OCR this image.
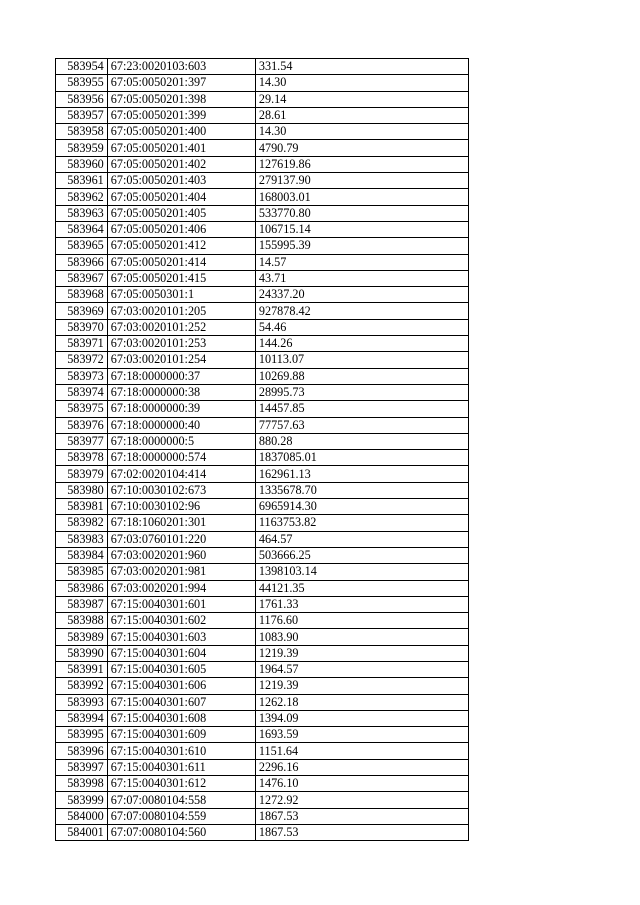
583954	67:23:0020103:603	331.54
583955	67:05:0050201:397	14.30
583956	67:05:0050201:398	29.14
583957	67:05:0050201:399	28.61
583958	67:05:0050201:400	14.30
583959	67:05:0050201:401	4790.79
583960	67:05:0050201:402	127619.86
583961	67:05:0050201:403	279137.90
583962	67:05:0050201:404	168003.01
583963	67:05:0050201:405	533770.80
583964	67:05:0050201:406	106715.14
583965	67:05:0050201:412	155995.39
583966	67:05:0050201:414	14.57
583967	67:05:0050201:415	43.71
583968	67:05:0050301:1	24337.20
583969	67:03:0020101:205	927878.42
583970	67:03:0020101:252	54.46
583971	67:03:0020101:253	144.26
583972	67:03:0020101:254	10113.07
583973	67:18:0000000:37	10269.88
583974	67:18:0000000:38	28995.73
583975	67:18:0000000:39	14457.85
583976	67:18:0000000:40	77757.63
583977	67:18:0000000:5	880.28
583978	67:18:0000000:574	1837085.01
583979	67:02:0020104:414	162961.13
583980	67:10:0030102:673	1335678.70
583981	67:10:0030102:96	6965914.30
583982	67:18:1060201:301	1163753.82
583983	67:03:0760101:220	464.57
583984	67:03:0020201:960	503666.25
583985	67:03:0020201:981	1398103.14
583986	67:03:0020201:994	44121.35
583987	67:15:0040301:601	1761.33
583988	67:15:0040301:602	1176.60
583989	67:15:0040301:603	1083.90
583990	67:15:0040301:604	1219.39
583991	67:15:0040301:605	1964.57
583992	67:15:0040301:606	1219.39
583993	67:15:0040301:607	1262.18
583994	67:15:0040301:608	1394.09
583995	67:15:0040301:609	1693.59
583996	67:15:0040301:610	1151.64
583997	67:15:0040301:611	2296.16
583998	67:15:0040301:612	1476.10
583999	67:07:0080104:558	1272.92
584000	67:07:0080104:559	1867.53
584001	67:07:0080104:560	1867.53
